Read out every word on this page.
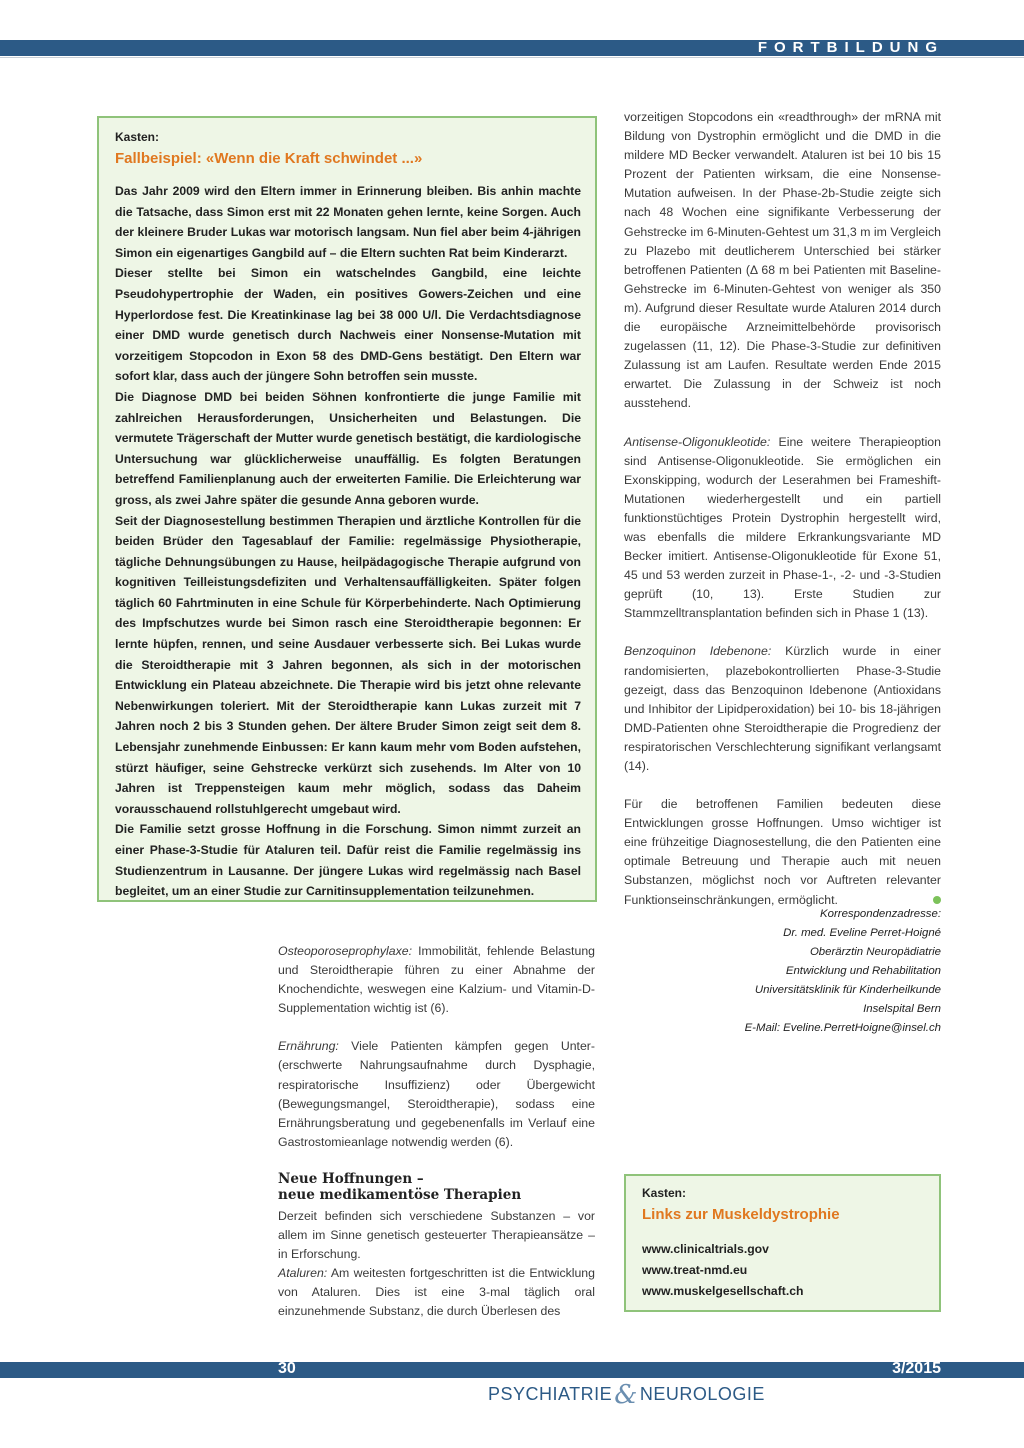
FORTBILDUNG
Kasten:
Fallbeispiel: «Wenn die Kraft schwindet ...»

Das Jahr 2009 wird den Eltern immer in Erinnerung bleiben. Bis anhin machte die Tatsache, dass Simon erst mit 22 Monaten gehen lernte, keine Sorgen. Auch der kleinere Bruder Lukas war motorisch langsam. Nun fiel aber beim 4-jährigen Simon ein eigenartiges Gangbild auf – die Eltern suchten Rat beim Kinderarzt.

Dieser stellte bei Simon ein watschelndes Gangbild, eine leichte Pseudohypertrophie der Waden, ein positives Gowers-Zeichen und eine Hyperlordose fest. Die Kreatinkinase lag bei 38 000 U/l. Die Verdachtsdiagnose einer DMD wurde genetisch durch Nachweis einer Nonsense-Mutation mit vorzeitigem Stopcodon in Exon 58 des DMD-Gens bestätigt. Den Eltern war sofort klar, dass auch der jüngere Sohn betroffen sein musste.

Die Diagnose DMD bei beiden Söhnen konfrontierte die junge Familie mit zahlreichen Herausforderungen, Unsicherheiten und Belastungen. Die vermutete Trägerschaft der Mutter wurde genetisch bestätigt, die kardiologische Untersuchung war glücklicherweise unauffällig. Es folgten Beratungen betreffend Familienplanung auch der erweiterten Familie. Die Erleichterung war gross, als zwei Jahre später die gesunde Anna geboren wurde.

Seit der Diagnosestellung bestimmen Therapien und ärztliche Kontrollen für die beiden Brüder den Tagesablauf der Familie: regelmässige Physiotherapie, tägliche Dehnungsübungen zu Hause, heilpädagogische Therapie aufgrund von kognitiven Teilleistungsdefiziten und Verhaltensauffälligkeiten. Später folgen täglich 60 Fahrtminuten in eine Schule für Körperbehinderte. Nach Optimierung des Impfschutzes wurde bei Simon rasch eine Steroidtherapie begonnen: Er lernte hüpfen, rennen, und seine Ausdauer verbesserte sich. Bei Lukas wurde die Steroidtherapie mit 3 Jahren begonnen, als sich in der motorischen Entwicklung ein Plateau abzeichnete. Die Therapie wird bis jetzt ohne relevante Nebenwirkungen toleriert. Mit der Steroidtherapie kann Lukas zurzeit mit 7 Jahren noch 2 bis 3 Stunden gehen. Der ältere Bruder Simon zeigt seit dem 8. Lebensjahr zunehmende Einbussen: Er kann kaum mehr vom Boden aufstehen, stürzt häufiger, seine Gehstrecke verkürzt sich zusehends. Im Alter von 10 Jahren ist Treppensteigen kaum mehr möglich, sodass das Daheim vorausschauend rollstuhlgerecht umgebaut wird.

Die Familie setzt grosse Hoffnung in die Forschung. Simon nimmt zurzeit an einer Phase-3-Studie für Ataluren teil. Dafür reist die Familie regelmässig ins Studienzentrum in Lausanne. Der jüngere Lukas wird regelmässig nach Basel begleitet, um an einer Studie zur Carnitinsupplementation teilzunehmen.

vorzeitigen Stopcodons ein «readthrough» der mRNA mit Bildung von Dystrophin ermöglicht und die DMD in die mildere MD Becker verwandelt. Ataluren ist bei 10 bis 15 Prozent der Patienten wirksam, die eine Nonsense-Mutation aufweisen. In der Phase-2b-Studie zeigte sich nach 48 Wochen eine signifikante Verbesserung der Gehstrecke im 6-Minuten-Gehtest um 31,3 m im Vergleich zu Plazebo mit deutlicherem Unterschied bei stärker betroffenen Patienten (Δ 68 m bei Patienten mit Baseline-Gehstrecke im 6-Minuten-Gehtest von weniger als 350 m). Aufgrund dieser Resultate wurde Ataluren 2014 durch die europäische Arzneimittelbehörde provisorisch zugelassen (11, 12). Die Phase-3-Studie zur definitiven Zulassung ist am Laufen. Resultate werden Ende 2015 erwartet. Die Zulassung in der Schweiz ist noch ausstehend.

Antisense-Oligonukleotide: Eine weitere Therapieoption sind Antisense-Oligonukleotide. Sie ermöglichen ein Exonskipping, wodurch der Leserahmen bei Frameshift-Mutationen wiederhergestellt und ein partiell funktionstüchtiges Protein Dystrophin hergestellt wird, was ebenfalls die mildere Erkrankungsvariante MD Becker imitiert. Antisense-Oligonukleotide für Exone 51, 45 und 53 werden zurzeit in Phase-1-, -2- und -3-Studien geprüft (10, 13). Erste Studien zur Stammzelltransplantation befinden sich in Phase 1 (13).

Benzoquinon Idebenone: Kürzlich wurde in einer randomisierten, plazebokontrollierten Phase-3-Studie gezeigt, dass das Benzoquinon Idebenone (Antioxidans und Inhibitor der Lipidperoxidation) bei 10- bis 18-jährigen DMD-Patienten ohne Steroidtherapie die Progredienz der respiratorischen Verschlechterung signifikant verlangsamt (14).

Für die betroffenen Familien bedeuten diese Entwicklungen grosse Hoffnungen. Umso wichtiger ist eine frühzeitige Diagnosestellung, die den Patienten eine optimale Betreuung und Therapie auch mit neuen Substanzen, möglichst noch vor Auftreten relevanter Funktionseinschränkungen, ermöglicht.

Korrespondenzadresse:
Dr. med. Eveline Perret-Hoigné
Oberärztin Neuropädiatrie
Entwicklung und Rehabilitation
Universitätsklinik für Kinderheilkunde
Inselspital Bern
E-Mail: Eveline.PerretHoigne@insel.ch

Osteoporoseprophylaxe: Immobilität, fehlende Belastung und Steroidtherapie führen zu einer Abnahme der Knochendichte, weswegen eine Kalzium- und Vitamin-D-Supplementation wichtig ist (6).

Ernährung: Viele Patienten kämpfen gegen Unter- (erschwerte Nahrungsaufnahme durch Dysphagie, respiratorische Insuffizienz) oder Übergewicht (Bewegungsmangel, Steroidtherapie), sodass eine Ernährungsberatung und gegebenenfalls im Verlauf eine Gastrostomieanlage notwendig werden (6).

Neue Hoffnungen –
neue medikamentöse Therapien

Derzeit befinden sich verschiedene Substanzen – vor allem im Sinne genetisch gesteuerter Therapieansätze – in Erforschung.

Ataluren: Am weitesten fortgeschritten ist die Entwicklung von Ataluren. Dies ist eine 3-mal täglich oral einzunehmende Substanz, die durch Überlesen des

Kasten:
Links zur Muskeldystrophie
www.clinicaltrials.gov
www.treat-nmd.eu
www.muskelgesellschaft.ch
30	3/2015
PSYCHIATRIE& NEUROLOGIE
